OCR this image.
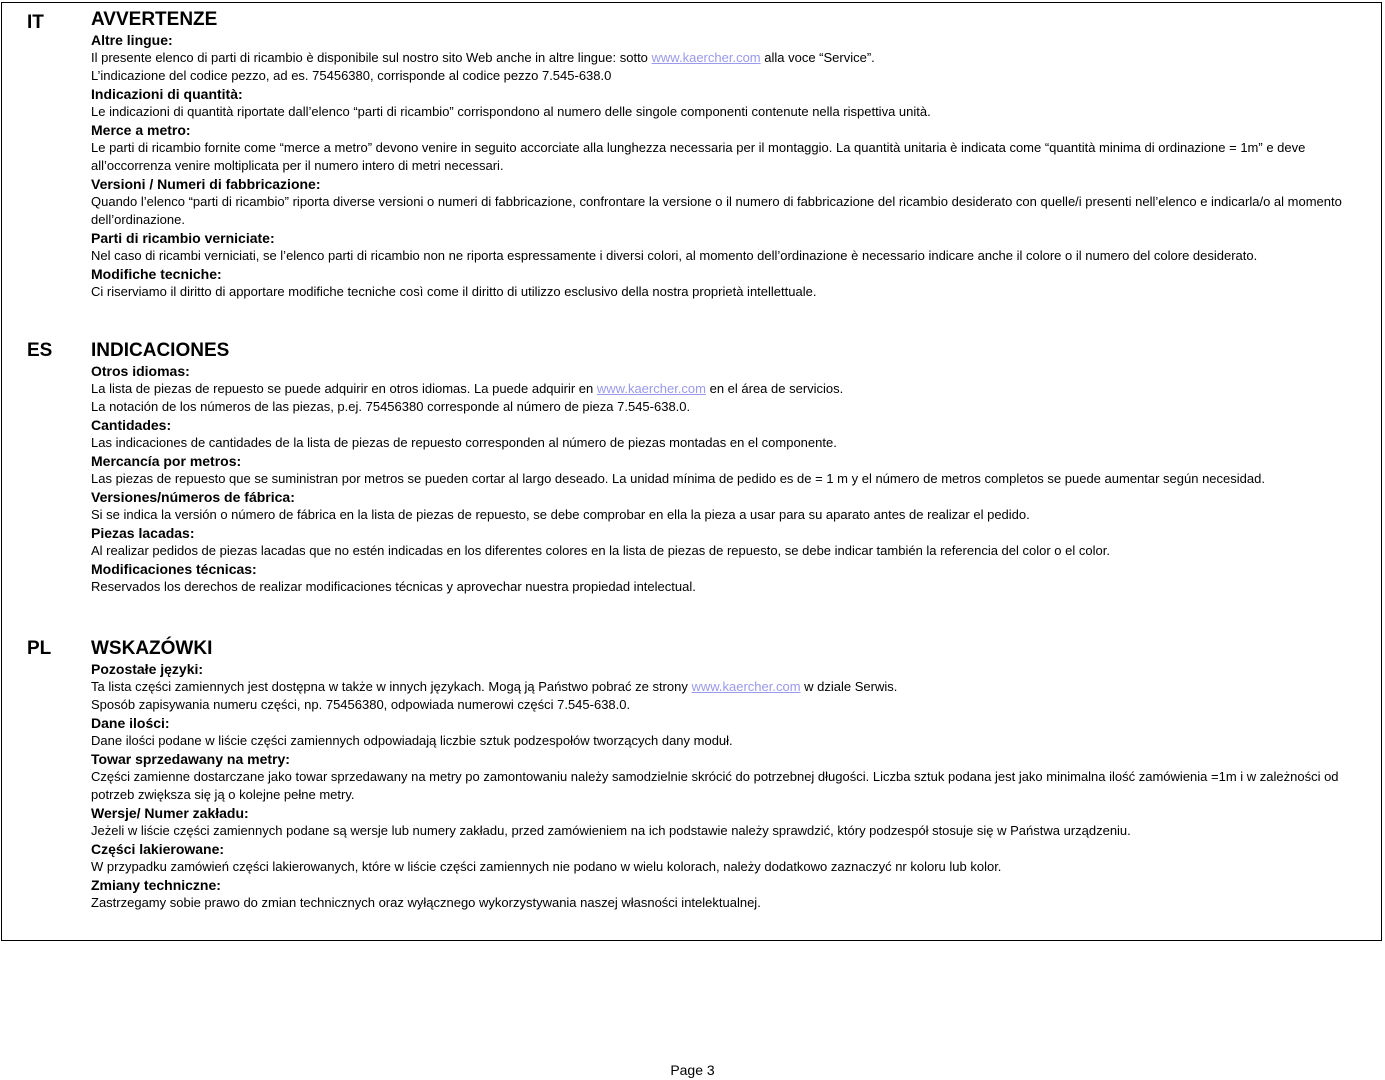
IT AVVERTENZE
Altre lingue:
Il presente elenco di parti di ricambio è disponibile sul nostro sito Web anche in altre lingue: sotto www.kaercher.com alla voce “Service”.
L’indicazione del codice pezzo, ad es. 75456380, corrisponde al codice pezzo 7.545-638.0
Indicazioni di quantità:
Le indicazioni di quantità riportate dall’elenco “parti di ricambio” corrispondono al numero delle singole componenti contenute nella rispettiva unità.
Merce a metro:
Le parti di ricambio fornite come “merce a metro” devono venire in seguito accorciate alla lunghezza necessaria per il montaggio. La quantità unitaria è indicata come “quantità minima di ordinazione = 1m” e deve all’occorrenza venire moltiplicata per il numero intero di metri necessari.
Versioni / Numeri di fabbricazione:
Quando l’elenco “parti di ricambio” riporta diverse versioni o numeri di fabbricazione, confrontare la versione o il numero di fabbricazione del ricambio desiderato con quelle/i presenti nell’elenco e indicarla/o al momento dell’ordinazione.
Parti di ricambio verniciate:
Nel caso di ricambi verniciati, se l’elenco parti di ricambio non ne riporta espressamente i diversi colori, al momento dell’ordinazione è necessario indicare anche il colore o il numero del colore desiderato.
Modifiche tecniche:
Ci riserviamo il diritto di apportare modifiche tecniche così come il diritto di utilizzo esclusivo della nostra proprietà intellettuale.
ES INDICACIONES
Otros idiomas:
La lista de piezas de repuesto se puede adquirir en otros idiomas. La puede adquirir en www.kaercher.com en el área de servicios.
La notación de los números de las piezas, p.ej. 75456380 corresponde al número de pieza 7.545-638.0.
Cantidades:
Las indicaciones de cantidades de la lista de piezas de repuesto corresponden al número de piezas montadas en el componente.
Mercancía por metros:
Las piezas de repuesto que se suministran por metros se pueden cortar al largo deseado. La unidad mínima de pedido es de = 1 m y el número de metros completos se puede aumentar según necesidad.
Versiones/números de fábrica:
Si se indica la versión o número de fábrica en la lista de piezas de repuesto, se debe comprobar en ella la pieza a usar para su aparato antes de realizar el pedido.
Piezas lacadas:
Al realizar pedidos de piezas lacadas que no estén indicadas en los diferentes colores en la lista de piezas de repuesto, se debe indicar también la referencia del color o el color.
Modificaciones técnicas:
Reservados los derechos de realizar modificaciones técnicas y aprovechar nuestra propiedad intelectual.
PL WSKAZÓWKI
Pozostałe języki:
Ta lista części zamiennych jest dostępna w także w innych językach. Mogą ją Państwo pobrać ze strony www.kaercher.com w dziale Serwis.
Sposób zapisywania numeru części, np. 75456380, odpowiada numerowi części 7.545-638.0.
Dane ilości:
Dane ilości podane w liście części zamiennych odpowiadają liczbie sztuk podzespołów tworzących dany moduł.
Towar sprzedawany na metry:
Części zamienne dostarczane jako towar sprzedawany na metry po zamontowaniu należy samodzielnie skrócić do potrzebnej długości. Liczba sztuk podana jest jako minimalna ilość zamówienia =1m i w zależności od potrzeb zwiększa się ją o kolejne pełne metry.
Wersje/ Numer zakładu:
Jeżeli w liście części zamiennych podane są wersje lub numery zakładu, przed zamówieniem na ich podstawie należy sprawdzić, który podzespół stosuje się w Państwa urządzeniu.
Części lakierowane:
W przypadku zamówień części lakierowanych, które w liście części zamiennych nie podano w wielu kolorach, należy dodatkowo zaznaczyć nr koloru lub kolor.
Zmiany techniczne:
Zastrzegamy sobie prawo do zmian technicznych oraz wyłącznego wykorzystywania naszej własności intelektualnej.
Page 3
